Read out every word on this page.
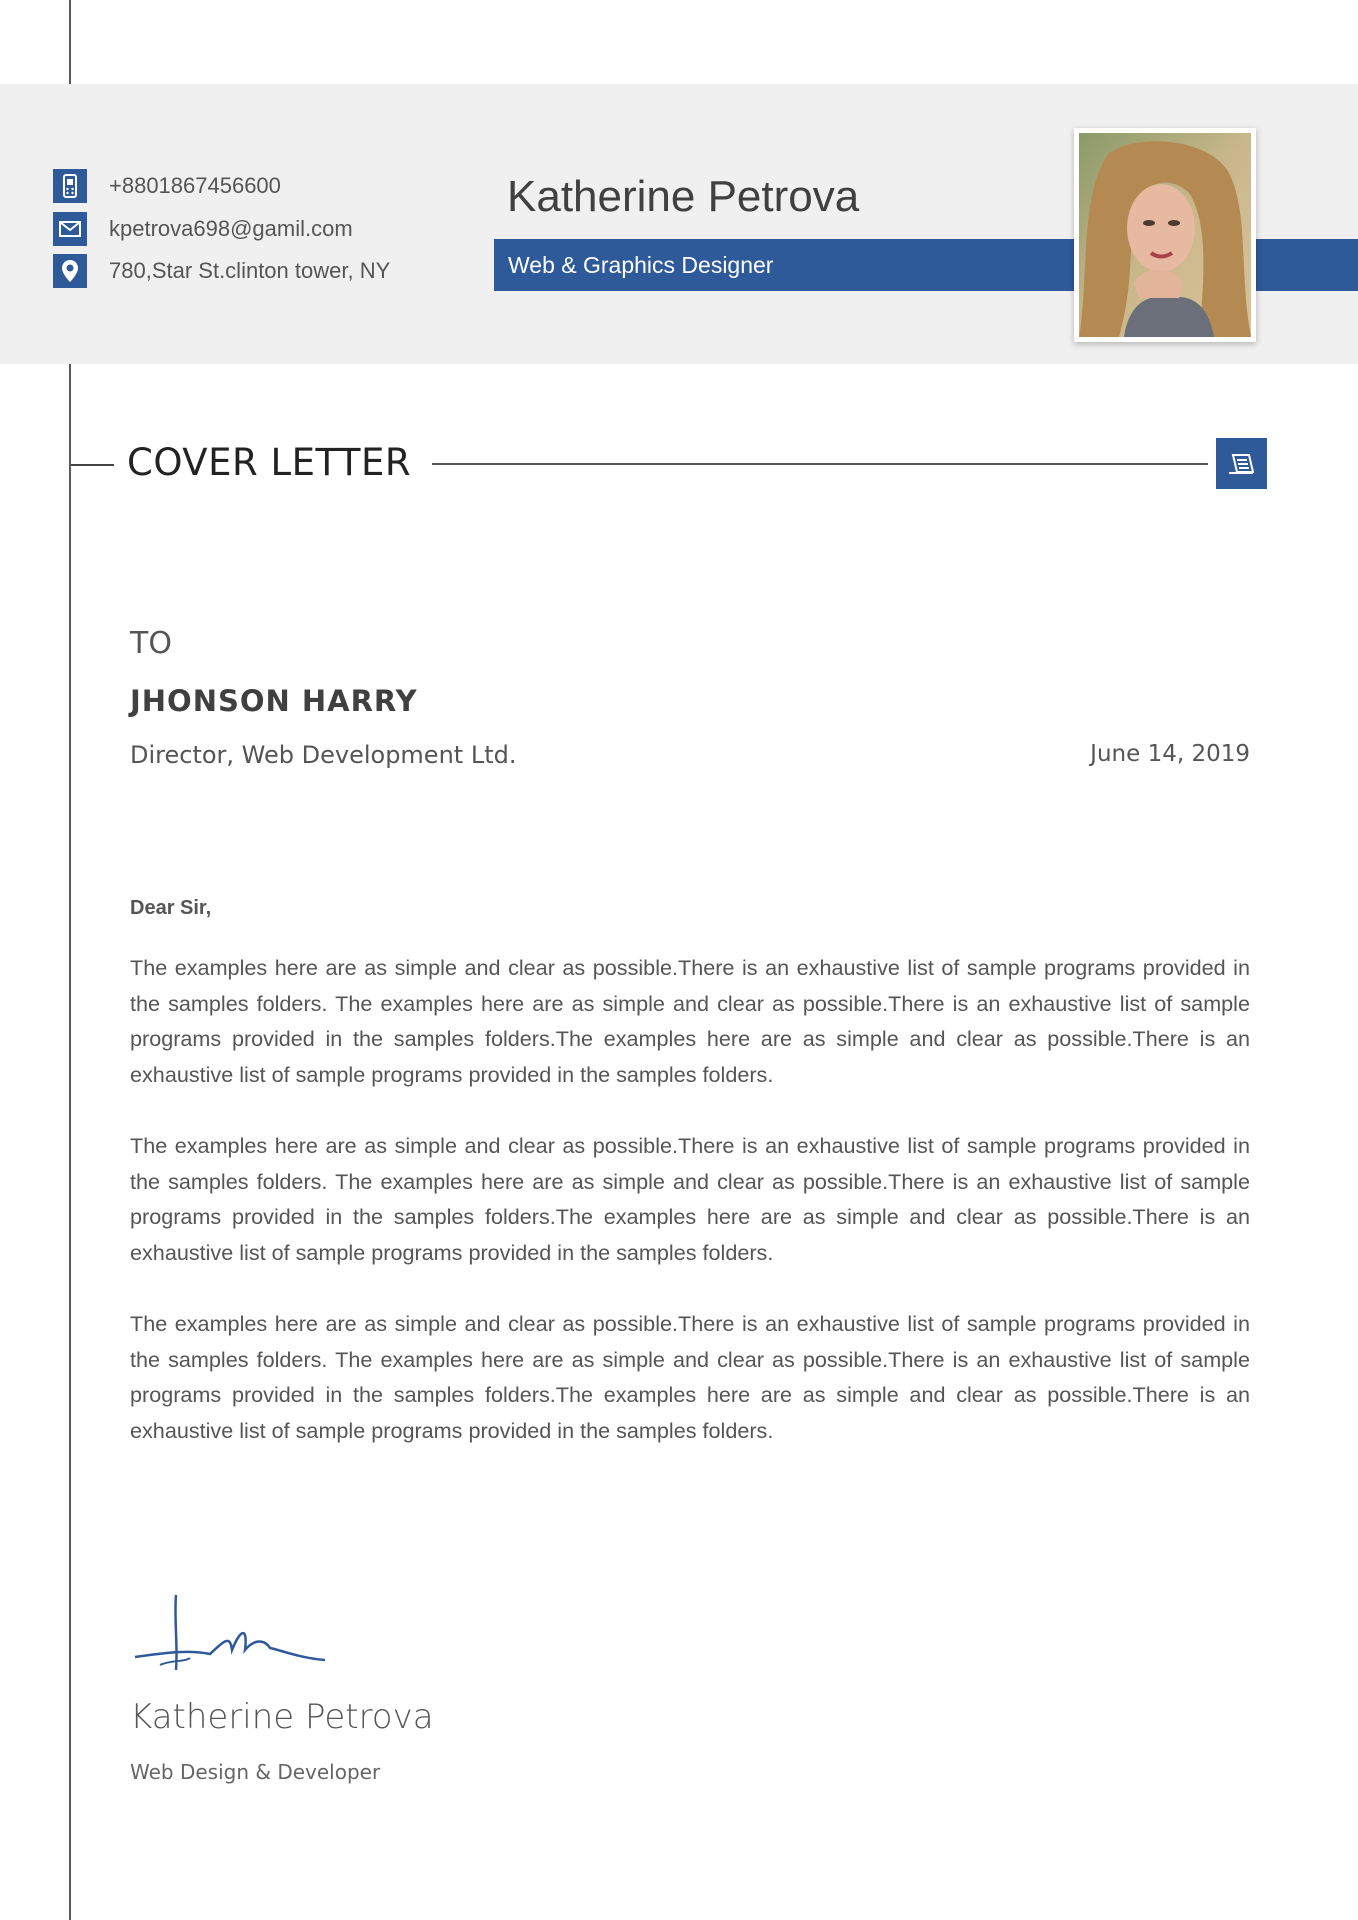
+8801867456600
kpetrova698@gamil.com
780,Star St.clinton tower, NY
Katherine Petrova
Web & Graphics Designer
COVER LETTER
TO
JHONSON HARRY
Director, Web Development Ltd.	June 14, 2019
Dear Sir,

The examples here are as simple and clear as possible.There is an exhaustive list of sample programs provided in the samples folders. The examples here are as simple and clear as possible.There is an exhaustive list of sample programs provided in the samples folders.The examples here are as simple and clear as possible.There is an exhaustive list of sample programs provided in the samples folders.

The examples here are as simple and clear as possible.There is an exhaustive list of sample programs provided in the samples folders. The examples here are as simple and clear as possible.There is an exhaustive list of sample programs provided in the samples folders.The examples here are as simple and clear as possible.There is an exhaustive list of sample programs provided in the samples folders.

The examples here are as simple and clear as possible.There is an exhaustive list of sample programs provided in the samples folders. The examples here are as simple and clear as possible.There is an exhaustive list of sample programs provided in the samples folders.The examples here are as simple and clear as possible.There is an exhaustive list of sample programs provided in the samples folders.

Katherine Petrova
Web Design & Developer
